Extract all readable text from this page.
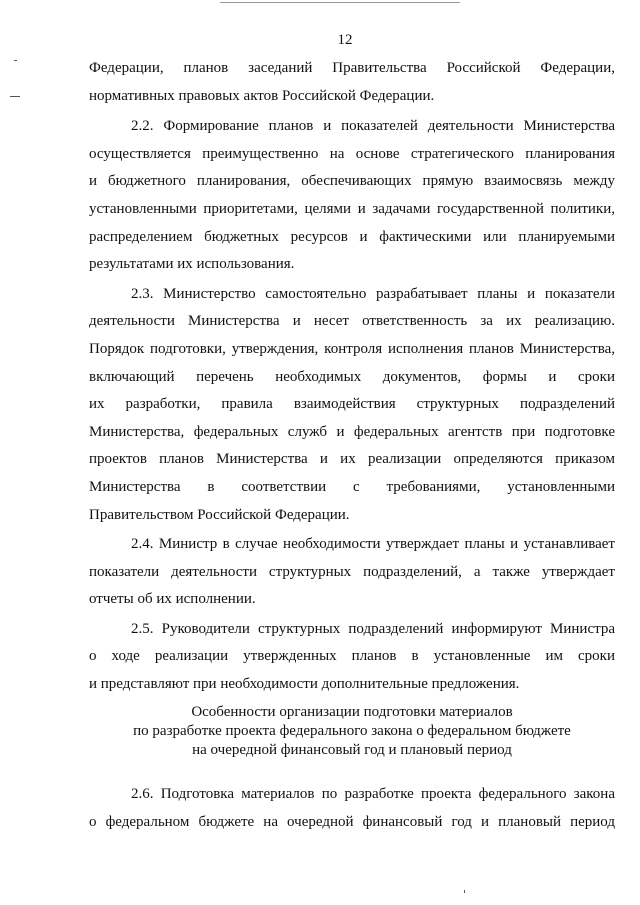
12
Федерации, планов заседаний Правительства Российской Федерации,
нормативных правовых актов Российской Федерации.
2.2. Формирование планов и показателей деятельности Министерства
осуществляется преимущественно на основе стратегического планирования
и бюджетного планирования, обеспечивающих прямую взаимосвязь между
установленными приоритетами, целями и задачами государственной политики,
распределением бюджетных ресурсов и фактическими или планируемыми
результатами их использования.
2.3. Министерство самостоятельно разрабатывает планы и показатели
деятельности Министерства и несет ответственность за их реализацию.
Порядок подготовки, утверждения, контроля исполнения планов Министерства,
включающий перечень необходимых документов, формы и сроки
их разработки, правила взаимодействия структурных подразделений
Министерства, федеральных служб и федеральных агентств при подготовке
проектов планов Министерства и их реализации определяются приказом
Министерства в соответствии с требованиями, установленными
Правительством Российской Федерации.
2.4. Министр в случае необходимости утверждает планы и устанавливает
показатели деятельности структурных подразделений, а также утверждает
отчеты об их исполнении.
2.5. Руководители структурных подразделений информируют Министра
о ходе реализации утвержденных планов в установленные им сроки
и представляют при необходимости дополнительные предложения.
Особенности организации подготовки материалов
по разработке проекта федерального закона о федеральном бюджете
на очередной финансовый год и плановый период
2.6. Подготовка материалов по разработке проекта федерального закона
о федеральном бюджете на очередной финансовый год и плановый период
